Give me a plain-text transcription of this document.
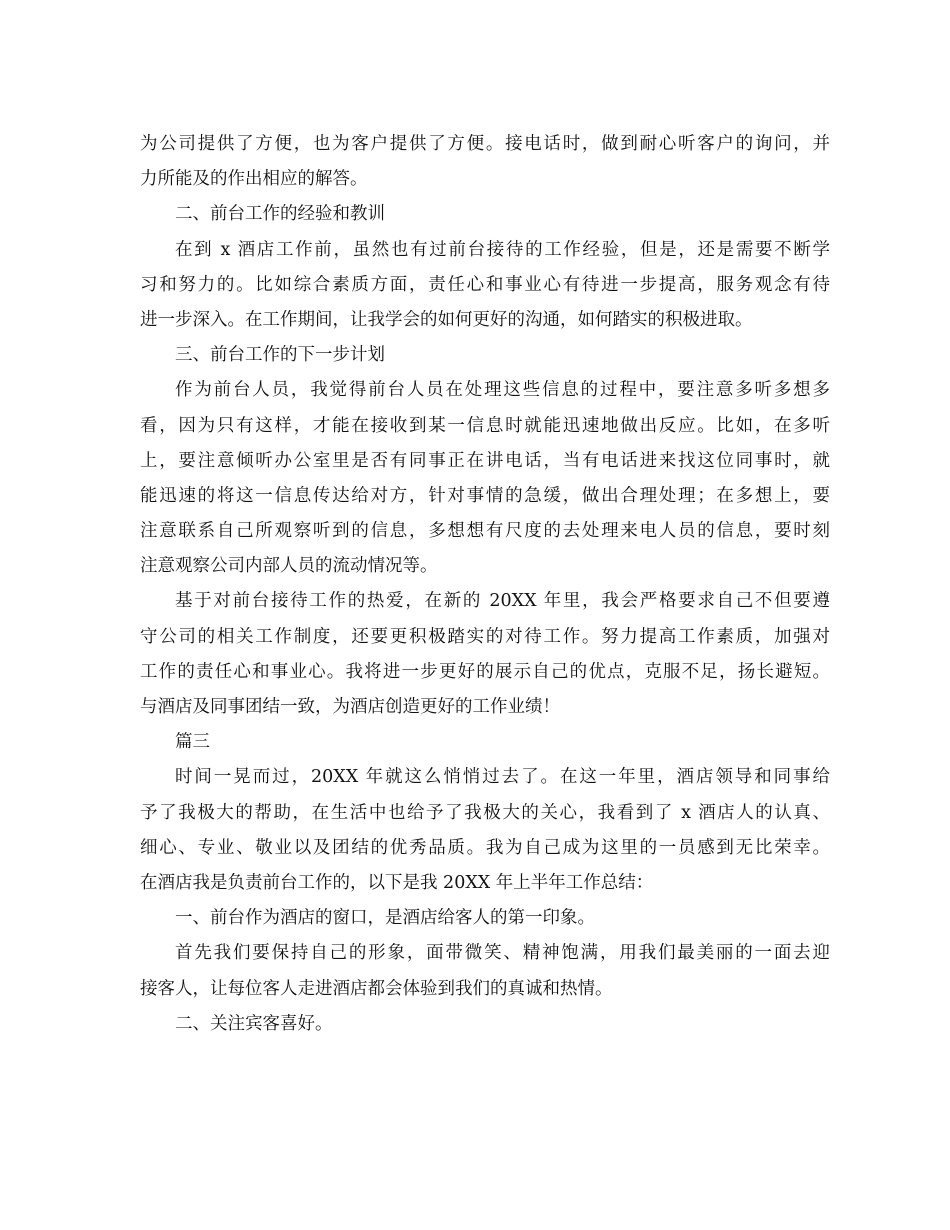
为公司提供了方便，也为客户提供了方便。接电话时，做到耐心听客户的询问，并
力所能及的作出相应的解答。
二、前台工作的经验和教训
在到 x 酒店工作前，虽然也有过前台接待的工作经验，但是，还是需要不断学
习和努力的。比如综合素质方面，责任心和事业心有待进一步提高，服务观念有待
进一步深入。在工作期间，让我学会的如何更好的沟通，如何踏实的积极进取。
三、前台工作的下一步计划
作为前台人员，我觉得前台人员在处理这些信息的过程中，要注意多听多想多
看，因为只有这样，才能在接收到某一信息时就能迅速地做出反应。比如，在多听
上，要注意倾听办公室里是否有同事正在讲电话，当有电话进来找这位同事时，就
能迅速的将这一信息传达给对方，针对事情的急缓，做出合理处理；在多想上，要
注意联系自己所观察听到的信息，多想想有尺度的去处理来电人员的信息，要时刻
注意观察公司内部人员的流动情况等。
基于对前台接待工作的热爱，在新的 20XX 年里，我会严格要求自己不但要遵
守公司的相关工作制度，还要更积极踏实的对待工作。努力提高工作素质，加强对
工作的责任心和事业心。我将进一步更好的展示自己的优点，克服不足，扬长避短。
与酒店及同事团结一致，为酒店创造更好的工作业绩！
篇三
时间一晃而过，20XX 年就这么悄悄过去了。在这一年里，酒店领导和同事给
予了我极大的帮助，在生活中也给予了我极大的关心，我看到了 x 酒店人的认真、
细心、专业、敬业以及团结的优秀品质。我为自己成为这里的一员感到无比荣幸。
在酒店我是负责前台工作的，以下是我 20XX 年上半年工作总结：
一、前台作为酒店的窗口，是酒店给客人的第一印象。
首先我们要保持自己的形象，面带微笑、精神饱满，用我们最美丽的一面去迎
接客人，让每位客人走进酒店都会体验到我们的真诚和热情。
二、关注宾客喜好。
